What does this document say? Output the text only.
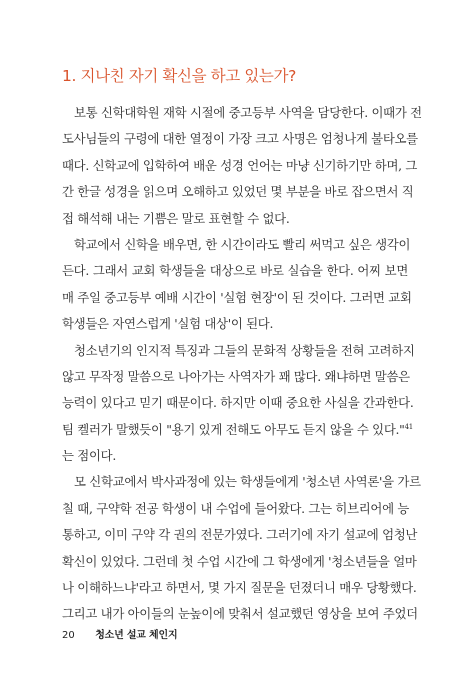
1. 지나친 자기 확신을 하고 있는가?
보통 신학대학원 재학 시절에 중고등부 사역을 담당한다. 이때가 전
도사님들의 구령에 대한 열정이 가장 크고 사명은 엄청나게 불타오를
때다. 신학교에 입학하여 배운 성경 언어는 마냥 신기하기만 하며, 그
간 한글 성경을 읽으며 오해하고 있었던 몇 부분을 바로 잡으면서 직
접 해석해 내는 기쁨은 말로 표현할 수 없다.
학교에서 신학을 배우면, 한 시간이라도 빨리 써먹고 싶은 생각이
든다. 그래서 교회 학생들을 대상으로 바로 실습을 한다. 어찌 보면
매 주일 중고등부 예배 시간이 '실험 현장'이 된 것이다. 그러면 교회
학생들은 자연스럽게 '실험 대상'이 된다.
청소년기의 인지적 특징과 그들의 문화적 상황들을 전혀 고려하지
않고 무작정 말씀으로 나아가는 사역자가 꽤 많다. 왜냐하면 말씀은
능력이 있다고 믿기 때문이다. 하지만 이때 중요한 사실을 간과한다.
팀 켈러가 말했듯이 "용기 있게 전해도 아무도 듣지 않을 수 있다."$^{41}$
는 점이다.
모 신학교에서 박사과정에 있는 학생들에게 '청소년 사역론'을 가르
칠 때, 구약학 전공 학생이 내 수업에 들어왔다. 그는 히브리어에 능
통하고, 이미 구약 각 권의 전문가였다. 그러기에 자기 설교에 엄청난
확신이 있었다. 그런데 첫 수업 시간에 그 학생에게 '청소년들을 얼마
나 이해하느냐'라고 하면서, 몇 가지 질문을 던졌더니 매우 당황했다.
그리고 내가 아이들의 눈높이에 맞춰서 설교했던 영상을 보여 주었더
20 청소년 설교 체인지
